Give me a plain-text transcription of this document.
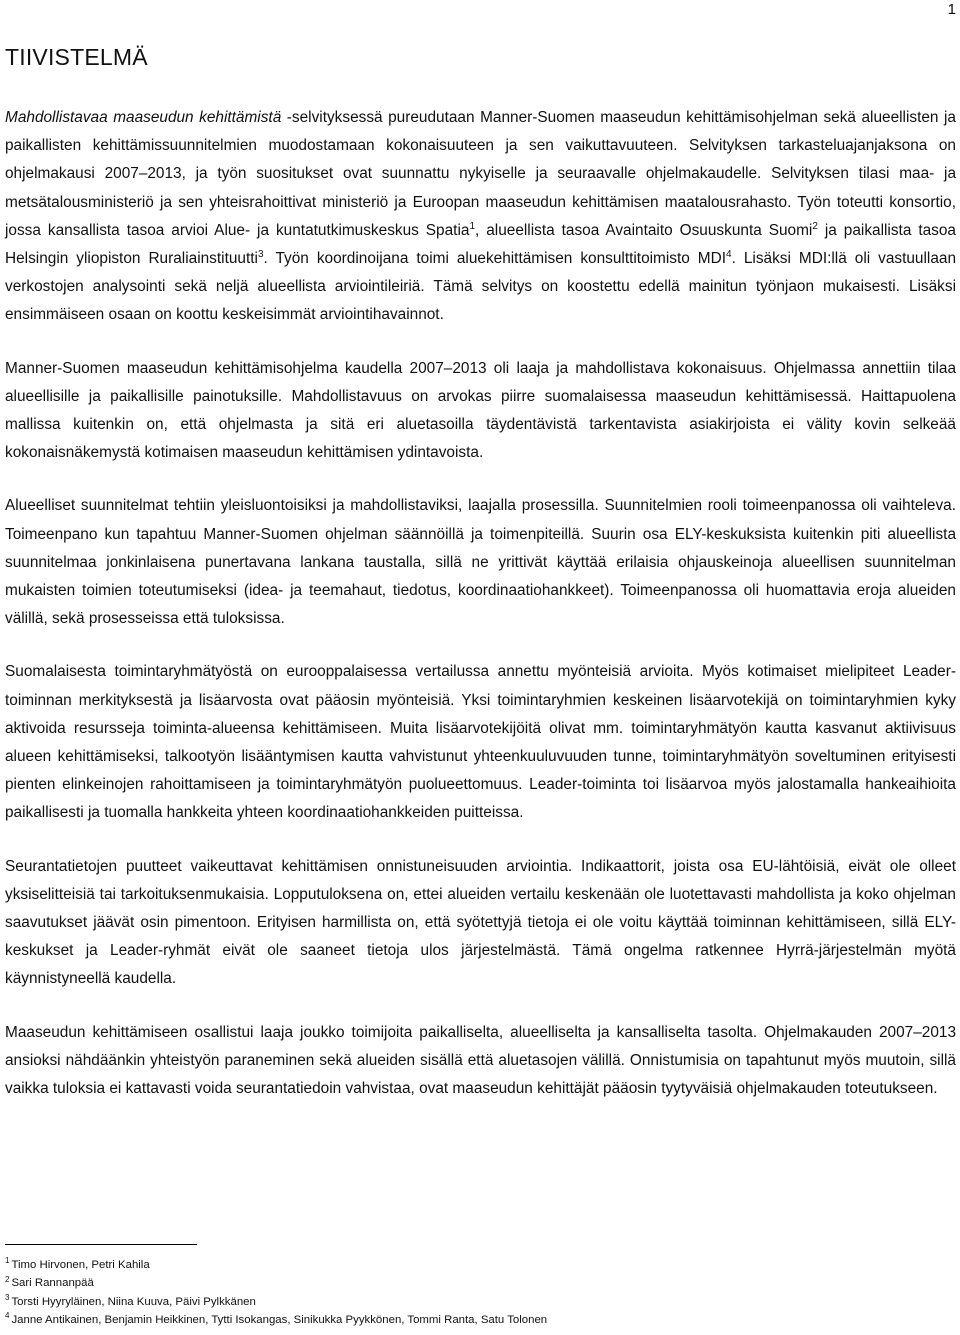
1
TIIVISTELMÄ

Mahdollistavaa maaseudun kehittämistä -selvityksessä pureudutaan Manner-Suomen maaseudun kehittämisohjelman sekä alueellisten ja paikallisten kehittämissuunnitelmien muodostamaan kokonaisuuteen ja sen vaikuttavuuteen. Selvityksen tarkasteluajanjaksona on ohjelmakausi 2007–2013, ja työn suositukset ovat suunnattu nykyiselle ja seuraavalle ohjelmakaudelle. Selvityksen tilasi maa- ja metsätalousministeriö ja sen yhteisrahoittivat ministeriö ja Euroopan maaseudun kehittämisen maatalousrahasto. Työn toteutti konsortio, jossa kansallista tasoa arvioi Alue- ja kuntatutkimuskeskus Spatia$^1$, alueellista tasoa Avaintaito Osuuskunta Suomi$^2$ ja paikallista tasoa Helsingin yliopiston Ruraliainstituutti$^3$. Työn koordinoijana toimi aluekehittämisen konsulttitoimisto MDI$^4$. Lisäksi MDI:llä oli vastuullaan verkostojen analysointi sekä neljä alueellista arviointileiriä. Tämä selvitys on koostettu edellä mainitun työnjaon mukaisesti. Lisäksi ensimmäiseen osaan on koottu keskeisimmät arviointihavainnot.

Manner-Suomen maaseudun kehittämisohjelma kaudella 2007–2013 oli laaja ja mahdollistava kokonaisuus. Ohjelmassa annettiin tilaa alueellisille ja paikallisille painotuksille. Mahdollistavuus on arvokas piirre suomalaisessa maaseudun kehittämisessä. Haittapuolena mallissa kuitenkin on, että ohjelmasta ja sitä eri aluetasoilla täydentävistä tarkentavista asiakirjoista ei välity kovin selkeää kokonaisnäkemystä kotimaisen maaseudun kehittämisen ydintavoista.

Alueelliset suunnitelmat tehtiin yleisluontoisiksi ja mahdollistaviksi, laajalla prosessilla. Suunnitelmien rooli toimeenpanossa oli vaihteleva. Toimeenpano kun tapahtuu Manner-Suomen ohjelman säännöillä ja toimenpiteillä. Suurin osa ELY-keskuksista kuitenkin piti alueellista suunnitelmaa jonkinlaisena punertavana lankana taustalla, sillä ne yrittivät käyttää erilaisia ohjauskeinoja alueellisen suunnitelman mukaisten toimien toteutumiseksi (idea- ja teemahaut, tiedotus, koordinaatiohankkeet). Toimeenpanossa oli huomattavia eroja alueiden välillä, sekä prosesseissa että tuloksissa.

Suomalaisesta toimintaryhmätyöstä on eurooppalaisessa vertailussa annettu myönteisiä arvioita. Myös kotimaiset mielipiteet Leader-toiminnan merkityksestä ja lisäarvosta ovat pääosin myönteisiä. Yksi toimintaryhmien keskeinen lisäarvotekijä on toimintaryhmien kyky aktivoida resursseja toiminta-alueensa kehittämiseen. Muita lisäarvotekijöitä olivat mm. toimintaryhmätyön kautta kasvanut aktiivisuus alueen kehittämiseksi, talkootyön lisääntymisen kautta vahvistunut yhteenkuuluvuuden tunne, toimintaryhmätyön soveltuminen erityisesti pienten elinkeinojen rahoittamiseen ja toimintaryhmätyön puolueettomuus. Leader-toiminta toi lisäarvoa myös jalostamalla hankeaihioita paikallisesti ja tuomalla hankkeita yhteen koordinaatiohankkeiden puitteissa.

Seurantatietojen puutteet vaikeuttavat kehittämisen onnistuneisuuden arviointia. Indikaattorit, joista osa EU-lähtöisiä, eivät ole olleet yksiselitteisiä tai tarkoituksenmukaisia. Lopputuloksena on, ettei alueiden vertailu keskenään ole luotettavasti mahdollista ja koko ohjelman saavutukset jäävät osin pimentoon. Erityisen harmillista on, että syötettyjä tietoja ei ole voitu käyttää toiminnan kehittämiseen, sillä ELY-keskukset ja Leader-ryhmät eivät ole saaneet tietoja ulos järjestelmästä. Tämä ongelma ratkennee Hyrrä-järjestelmän myötä käynnistyneellä kaudella.

Maaseudun kehittämiseen osallistui laaja joukko toimijoita paikalliselta, alueelliselta ja kansalliselta tasolta. Ohjelmakauden 2007–2013 ansioksi nähdäänkin yhteistyön paraneminen sekä alueiden sisällä että aluetasojen välillä. Onnistumisia on tapahtunut myös muutoin, sillä vaikka tuloksia ei kattavasti voida seurantatiedoin vahvistaa, ovat maaseudun kehittäjät pääosin tyytyväisiä ohjelmakauden toteutukseen.

$^1$ Timo Hirvonen, Petri Kahila
$^2$ Sari Rannanpää
$^3$ Torsti Hyyryläinen, Niina Kuuva, Päivi Pylkkänen
$^4$ Janne Antikainen, Benjamin Heikkinen, Tytti Isokangas, Sinikukka Pyykkönen, Tommi Ranta, Satu Tolonen
